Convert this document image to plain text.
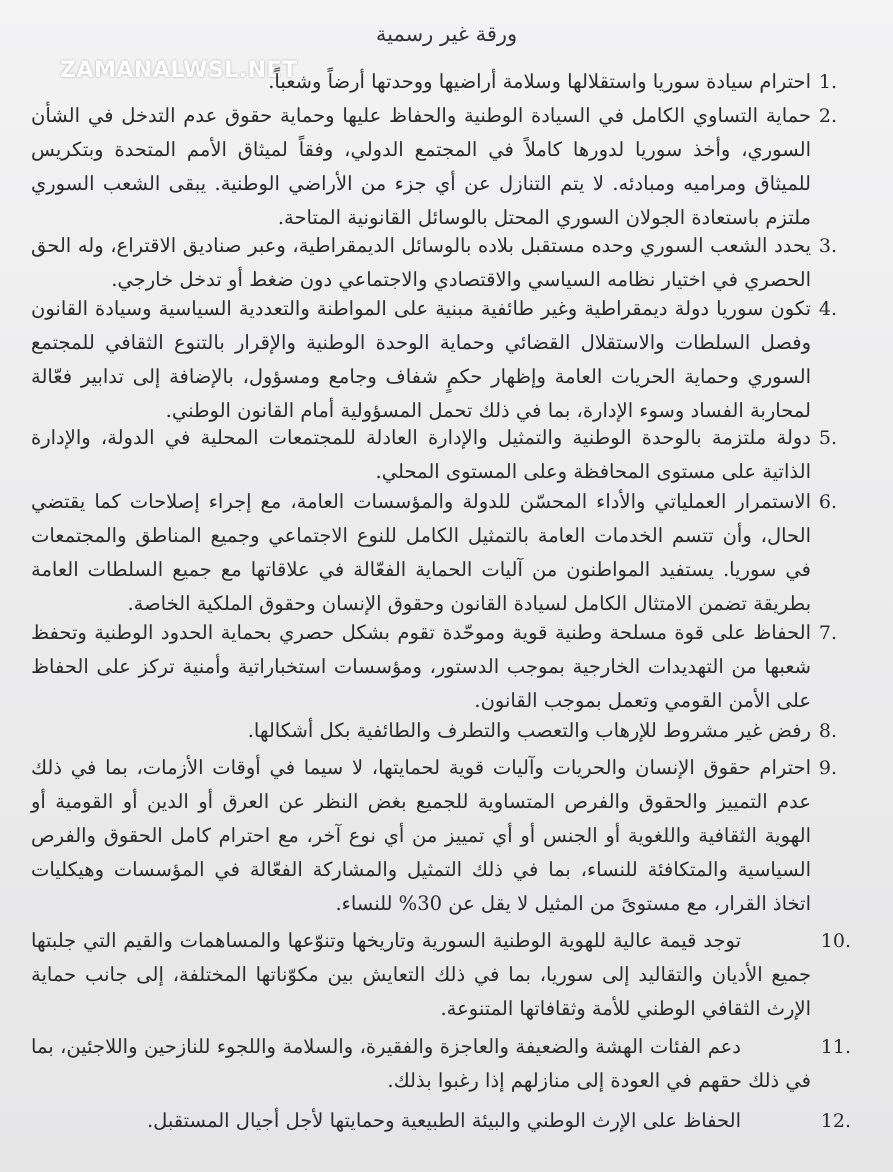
ورقة غير رسمية
ZAMANALWSL.NET	1.
احترام سيادة سوريا واستقلالها وسلامة أراضيها ووحدتها أرضاً وشعباً.
2.
حماية التساوي الكامل في السيادة الوطنية والحفاظ عليها وحماية حقوق عدم التدخل في الشأن السوري، وأخذ سوريا لدورها كاملاً في المجتمع الدولي، وفقاً لميثاق الأمم المتحدة وبتكريس للميثاق ومراميه ومبادئه. لا يتم التنازل عن أي جزء من الأراضي الوطنية. يبقى الشعب السوري ملتزم باستعادة الجولان السوري المحتل بالوسائل القانونية المتاحة.
3.
يحدد الشعب السوري وحده مستقبل بلاده بالوسائل الديمقراطية، وعبر صناديق الاقتراع، وله الحق الحصري في اختيار نظامه السياسي والاقتصادي والاجتماعي دون ضغط أو تدخل خارجي.
4.
تكون سوريا دولة ديمقراطية وغير طائفية مبنية على المواطنة والتعددية السياسية وسيادة القانون وفصل السلطات والاستقلال القضائي وحماية الوحدة الوطنية والإقرار بالتنوع الثقافي للمجتمع السوري وحماية الحريات العامة وإظهار حكمٍ شفاف وجامع ومسؤول، بالإضافة إلى تدابير فعّالة لمحاربة الفساد وسوء الإدارة، بما في ذلك تحمل المسؤولية أمام القانون الوطني.
5.
دولة ملتزمة بالوحدة الوطنية والتمثيل والإدارة العادلة للمجتمعات المحلية في الدولة، والإدارة الذاتية على مستوى المحافظة وعلى المستوى المحلي.
6.
الاستمرار العملياتي والأداء المحسّن للدولة والمؤسسات العامة، مع إجراء إصلاحات كما يقتضي الحال، وأن تتسم الخدمات العامة بالتمثيل الكامل للنوع الاجتماعي وجميع المناطق والمجتمعات في سوريا. يستفيد المواطنون من آليات الحماية الفعّالة في علاقاتها مع جميع السلطات العامة بطريقة تضمن الامتثال الكامل لسيادة القانون وحقوق الإنسان وحقوق الملكية الخاصة.
7.
الحفاظ على قوة مسلحة وطنية قوية وموحّدة تقوم بشكل حصري بحماية الحدود الوطنية وتحفظ شعبها من التهديدات الخارجية بموجب الدستور، ومؤسسات استخباراتية وأمنية تركز على الحفاظ على الأمن القومي وتعمل بموجب القانون.
8.
رفض غير مشروط للإرهاب والتعصب والتطرف والطائفية بكل أشكالها.
9.
احترام حقوق الإنسان والحريات وآليات قوية لحمايتها، لا سيما في أوقات الأزمات، بما في ذلك عدم التمييز والحقوق والفرص المتساوية للجميع بغض النظر عن العرق أو الدين أو القومية أو الهوية الثقافية واللغوية أو الجنس أو أي تمييز من أي نوع آخر، مع احترام كامل الحقوق والفرص السياسية والمتكافئة للنساء، بما في ذلك التمثيل والمشاركة الفعّالة في المؤسسات وهيكليات اتخاذ القرار، مع مستوىً من المثيل لا يقل عن 30% للنساء.
10.
توجد قيمة عالية للهوية الوطنية السورية وتاريخها وتنوّعها والمساهمات والقيم التي جلبتها جميع الأديان والتقاليد إلى سوريا، بما في ذلك التعايش بين مكوّناتها المختلفة، إلى جانب حماية الإرث الثقافي الوطني للأمة وثقافاتها المتنوعة.
11.
دعم الفئات الهشة والضعيفة والعاجزة والفقيرة، والسلامة واللجوء للنازحين واللاجئين، بما في ذلك حقهم في العودة إلى منازلهم إذا رغبوا بذلك.
12.
الحفاظ على الإرث الوطني والبيئة الطبيعية وحمايتها لأجل أجيال المستقبل.
